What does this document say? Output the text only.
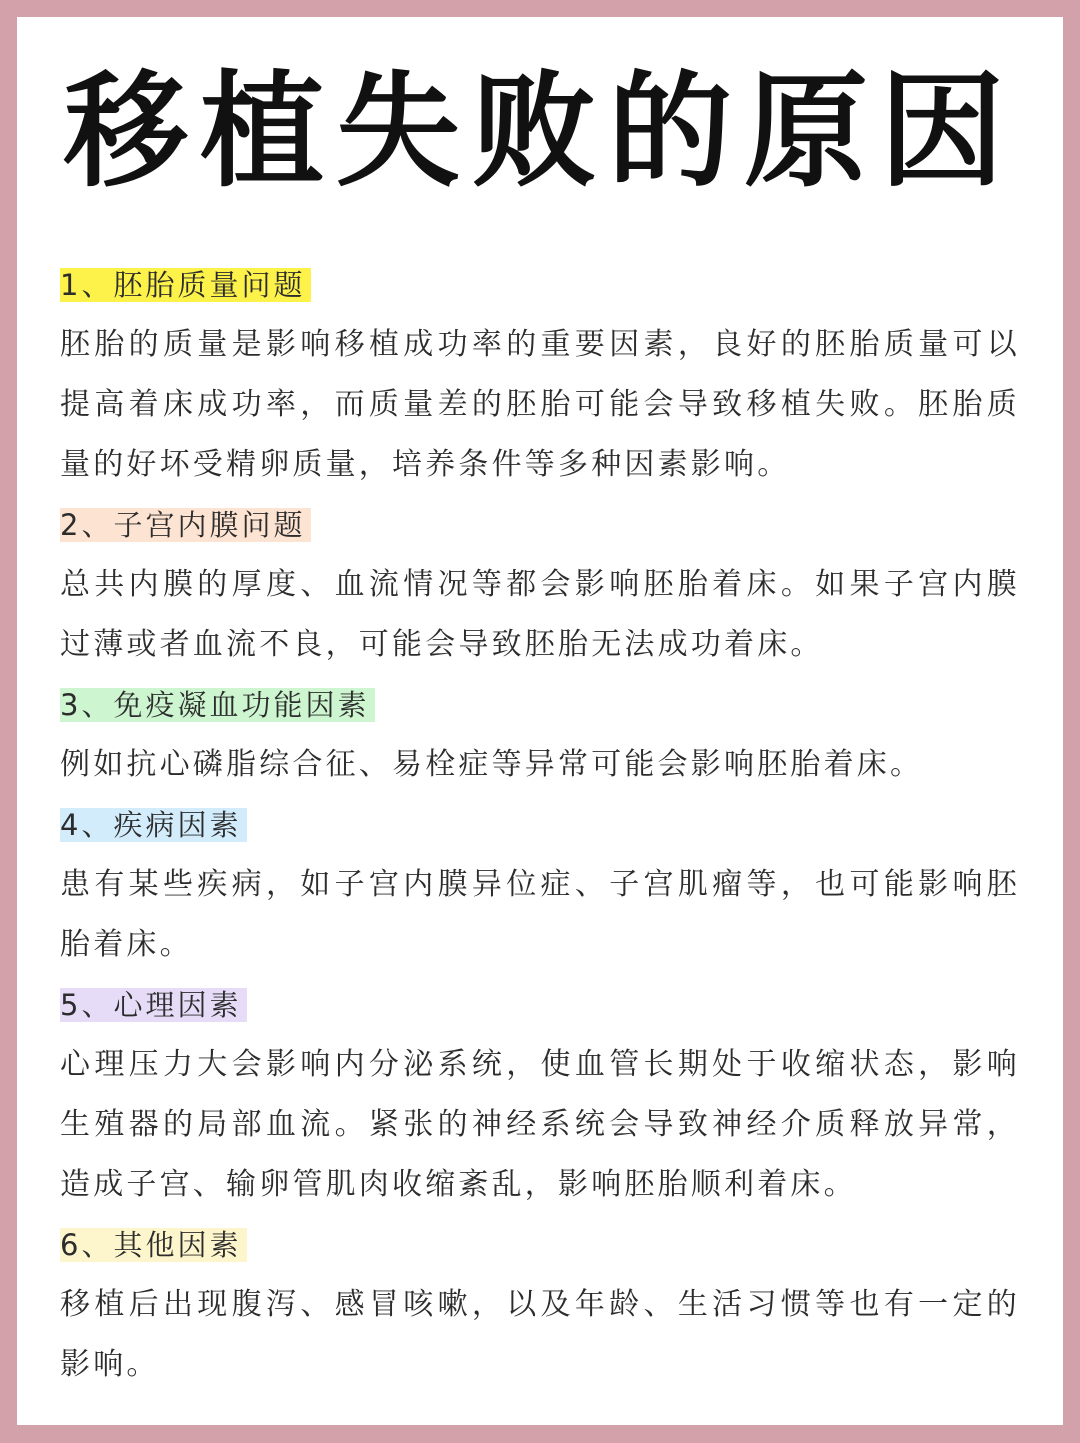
移植失败的原因
1、胚胎质量问题

胚胎的质量是影响移植成功率的重要因素，良好的胚胎质量可以提高着床成功率，而质量差的胚胎可能会导致移植失败。胚胎质量的好坏受精卵质量，培养条件等多种因素影响。

2、子宫内膜问题

总共内膜的厚度、血流情况等都会影响胚胎着床。如果子宫内膜过薄或者血流不良，可能会导致胚胎无法成功着床。

3、免疫凝血功能因素

例如抗心磷脂综合征、易栓症等异常可能会影响胚胎着床。

4、疾病因素

患有某些疾病，如子宫内膜异位症、子宫肌瘤等，也可能影响胚胎着床。

5、心理因素

心理压力大会影响内分泌系统，使血管长期处于收缩状态，影响生殖器的局部血流。紧张的神经系统会导致神经介质释放异常，造成子宫、输卵管肌肉收缩紊乱，影响胚胎顺利着床。

6、其他因素

移植后出现腹泻、感冒咳嗽，以及年龄、生活习惯等也有一定的影响。
